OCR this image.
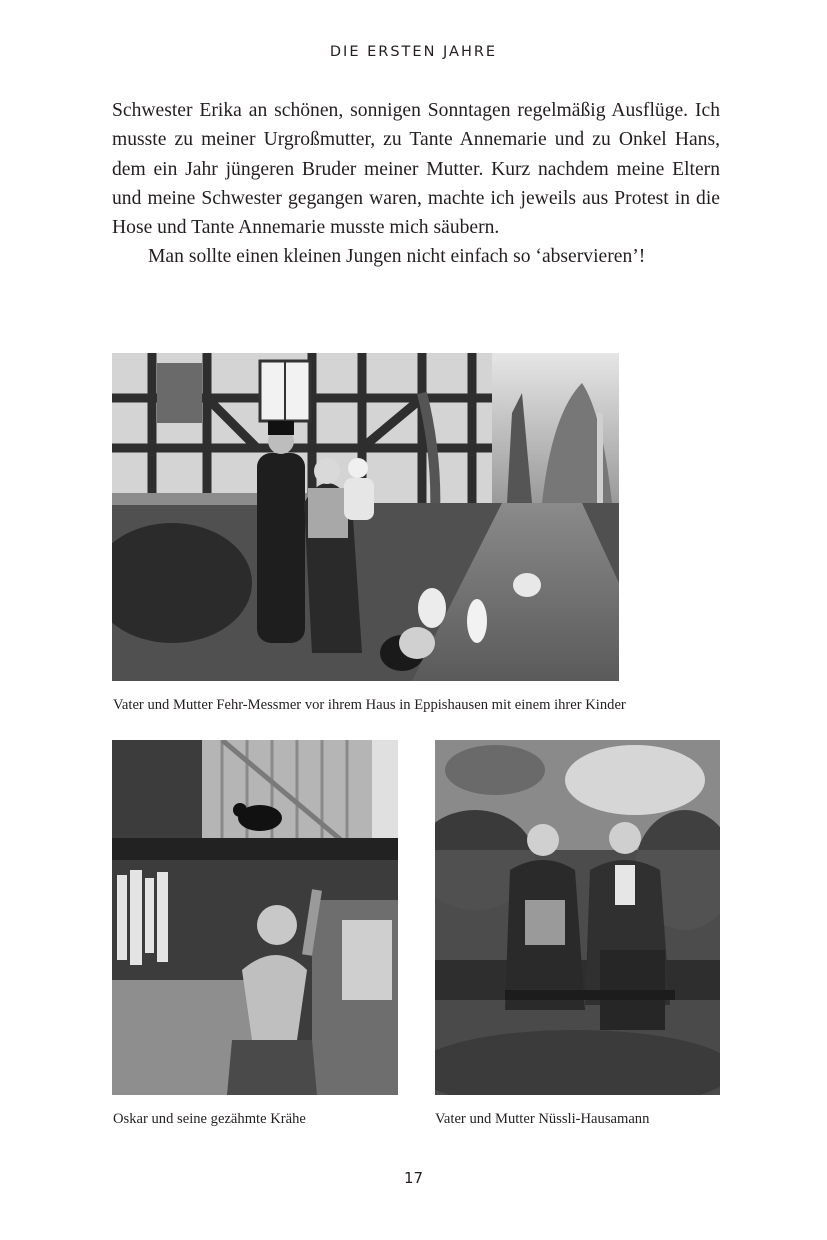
DIE ERSTEN JAHRE

Schwester Erika an schönen, sonnigen Sonntagen regelmäßig Ausflüge. Ich musste zu meiner Urgroßmutter, zu Tante Annemarie und zu Onkel Hans, dem ein Jahr jüngeren Bruder meiner Mutter. Kurz nachdem meine Eltern und meine Schwester gegangen waren, machte ich jeweils aus Protest in die Hose und Tante Annemarie musste mich säubern.

Man sollte einen kleinen Jungen nicht einfach so ‘abservieren’!

Vater und Mutter Fehr-Messmer vor ihrem Haus in Eppishausen mit einem ihrer Kinder
Oskar und seine gezähmte Krähe	Vater und Mutter Nüssli-Hausamann
17
